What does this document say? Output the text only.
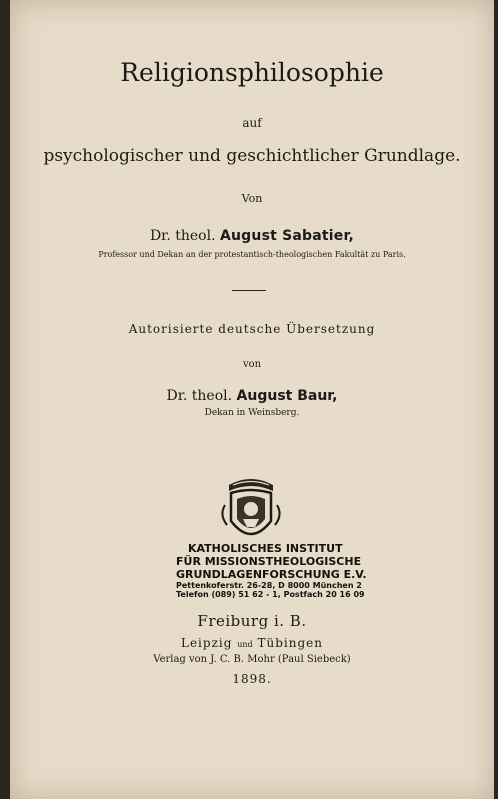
Religionsphilosophie
auf
psychologischer und geschichtlicher Grundlage.
Von
Dr. theol. August Sabatier,
Professor und Dekan an der protestantisch-theologischen Fakultät zu Paris.
Autorisierte deutsche Übersetzung
von
Dr. theol. August Baur,
Dekan in Weinsberg.
KATHOLISCHES INSTITUT
FÜR MISSIONSTHEOLOGISCHE
GRUNDLAGENFORSCHUNG E.V.
Pettenkoferstr. 26-28, D 8000 München 2
Telefon (089) 51 62 - 1, Postfach 20 16 09
Freiburg i. B.
Leipzig und Tübingen
Verlag von J. C. B. Mohr (Paul Siebeck)
1898.
